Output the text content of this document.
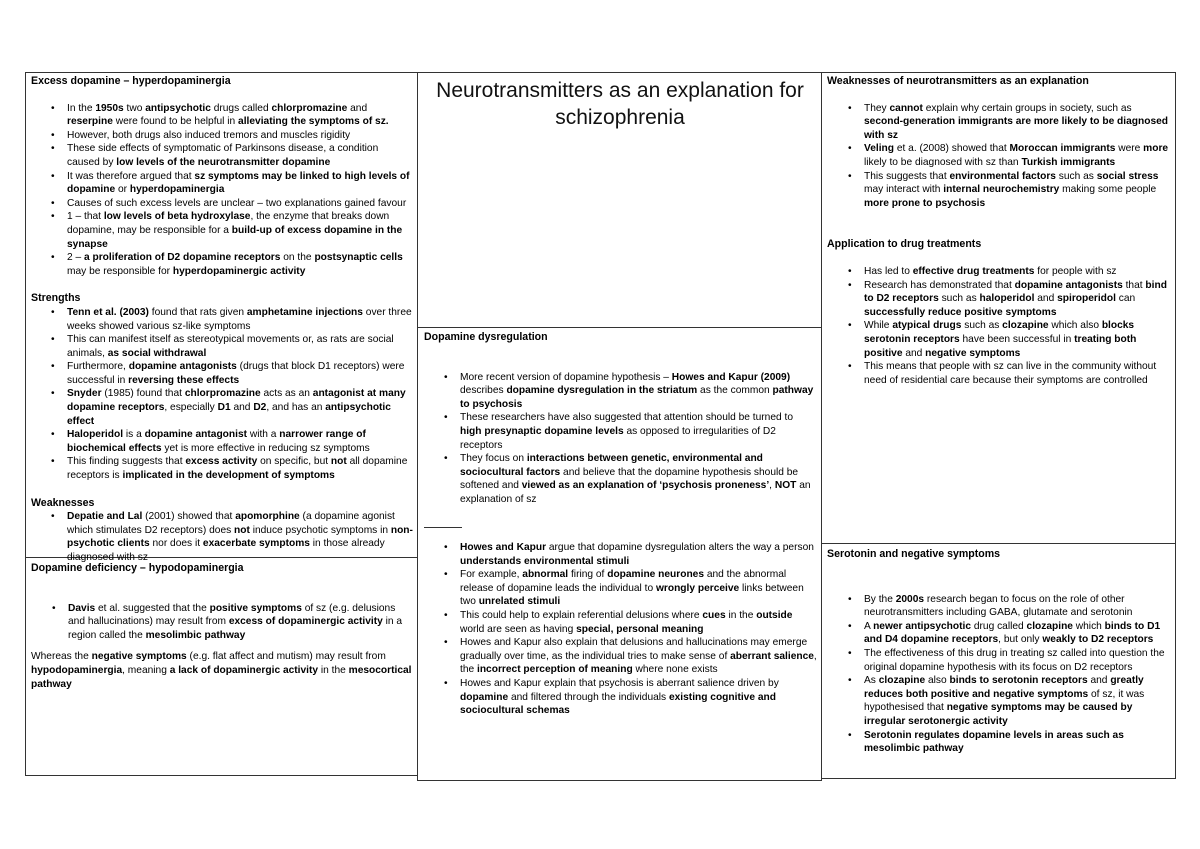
Neurotransmitters as an explanation for schizophrenia
Excess dopamine – hyperdopaminergia
• In the 1950s two antipsychotic drugs called chlorpromazine and reserpine were found to be helpful in alleviating the symptoms of sz.
• However, both drugs also induced tremors and muscles rigidity
• These side effects of symptomatic of Parkinsons disease, a condition caused by low levels of the neurotransmitter dopamine
• It was therefore argued that sz symptoms may be linked to high levels of dopamine or hyperdopaminergia
• Causes of such excess levels are unclear – two explanations gained favour
• 1 – that low levels of beta hydroxylase, the enzyme that breaks down dopamine, may be responsible for a build-up of excess dopamine in the synapse
• 2 – a proliferation of D2 dopamine receptors on the postsynaptic cells may be responsible for hyperdopaminergic activity
Strengths
• Tenn et al. (2003) found that rats given amphetamine injections over three weeks showed various sz-like symptoms
• This can manifest itself as stereotypical movements or, as rats are social animals, as social withdrawal
• Furthermore, dopamine antagonists (drugs that block D1 receptors) were successful in reversing these effects
• Snyder (1985) found that chlorpromazine acts as an antagonist at many dopamine receptors, especially D1 and D2, and has an antipsychotic effect
• Haloperidol is a dopamine antagonist with a narrower range of biochemical effects yet is more effective in reducing sz symptoms
• This finding suggests that excess activity on specific, but not all dopamine receptors is implicated in the development of symptoms
Weaknesses
• Depatie and Lal (2001) showed that apomorphine (a dopamine agonist which stimulates D2 receptors) does not induce psychotic symptoms in non-psychotic clients nor does it exacerbate symptoms in those already diagnosed with sz
Dopamine deficiency – hypodopaminergia
• Davis et al. suggested that the positive symptoms of sz (e.g. delusions and hallucinations) may result from excess of dopaminergic activity in a region called the mesolimbic pathway
Whereas the negative symptoms (e.g. flat affect and mutism) may result from hypodopaminergia, meaning a lack of dopaminergic activity in the mesocortical pathway
Dopamine dysregulation
• More recent version of dopamine hypothesis – Howes and Kapur (2009) describes dopamine dysregulation in the striatum as the common pathway to psychosis
• These researchers have also suggested that attention should be turned to high presynaptic dopamine levels as opposed to irregularities of D2 receptors
• They focus on interactions between genetic, environmental and sociocultural factors and believe that the dopamine hypothesis should be softened and viewed as an explanation of ‘psychosis proneness’, NOT an explanation of sz
• Howes and Kapur argue that dopamine dysregulation alters the way a person understands environmental stimuli
• For example, abnormal firing of dopamine neurones and the abnormal release of dopamine leads the individual to wrongly perceive links between two unrelated stimuli
• This could help to explain referential delusions where cues in the outside world are seen as having special, personal meaning
• Howes and Kapur also explain that delusions and hallucinations may emerge gradually over time, as the individual tries to make sense of aberrant salience, the incorrect perception of meaning where none exists
• Howes and Kapur explain that psychosis is aberrant salience driven by dopamine and filtered through the individuals existing cognitive and sociocultural schemas
Weaknesses of neurotransmitters as an explanation
• They cannot explain why certain groups in society, such as second-generation immigrants are more likely to be diagnosed with sz
• Veling et a. (2008) showed that Moroccan immigrants were more likely to be diagnosed with sz than Turkish immigrants
• This suggests that environmental factors such as social stress may interact with internal neurochemistry making some people more prone to psychosis
Application to drug treatments
• Has led to effective drug treatments for people with sz
• Research has demonstrated that dopamine antagonists that bind to D2 receptors such as haloperidol and spiroperidol can successfully reduce positive symptoms
• While atypical drugs such as clozapine which also blocks serotonin receptors have been successful in treating both positive and negative symptoms
• This means that people with sz can live in the community without need of residential care because their symptoms are controlled
Serotonin and negative symptoms
• By the 2000s research began to focus on the role of other neurotransmitters including GABA, glutamate and serotonin
• A newer antipsychotic drug called clozapine which binds to D1 and D4 dopamine receptors, but only weakly to D2 receptors
• The effectiveness of this drug in treating sz called into question the original dopamine hypothesis with its focus on D2 receptors
• As clozapine also binds to serotonin receptors and greatly reduces both positive and negative symptoms of sz, it was hypothesised that negative symptoms may be caused by irregular serotonergic activity
• Serotonin regulates dopamine levels in areas such as mesolimbic pathway
